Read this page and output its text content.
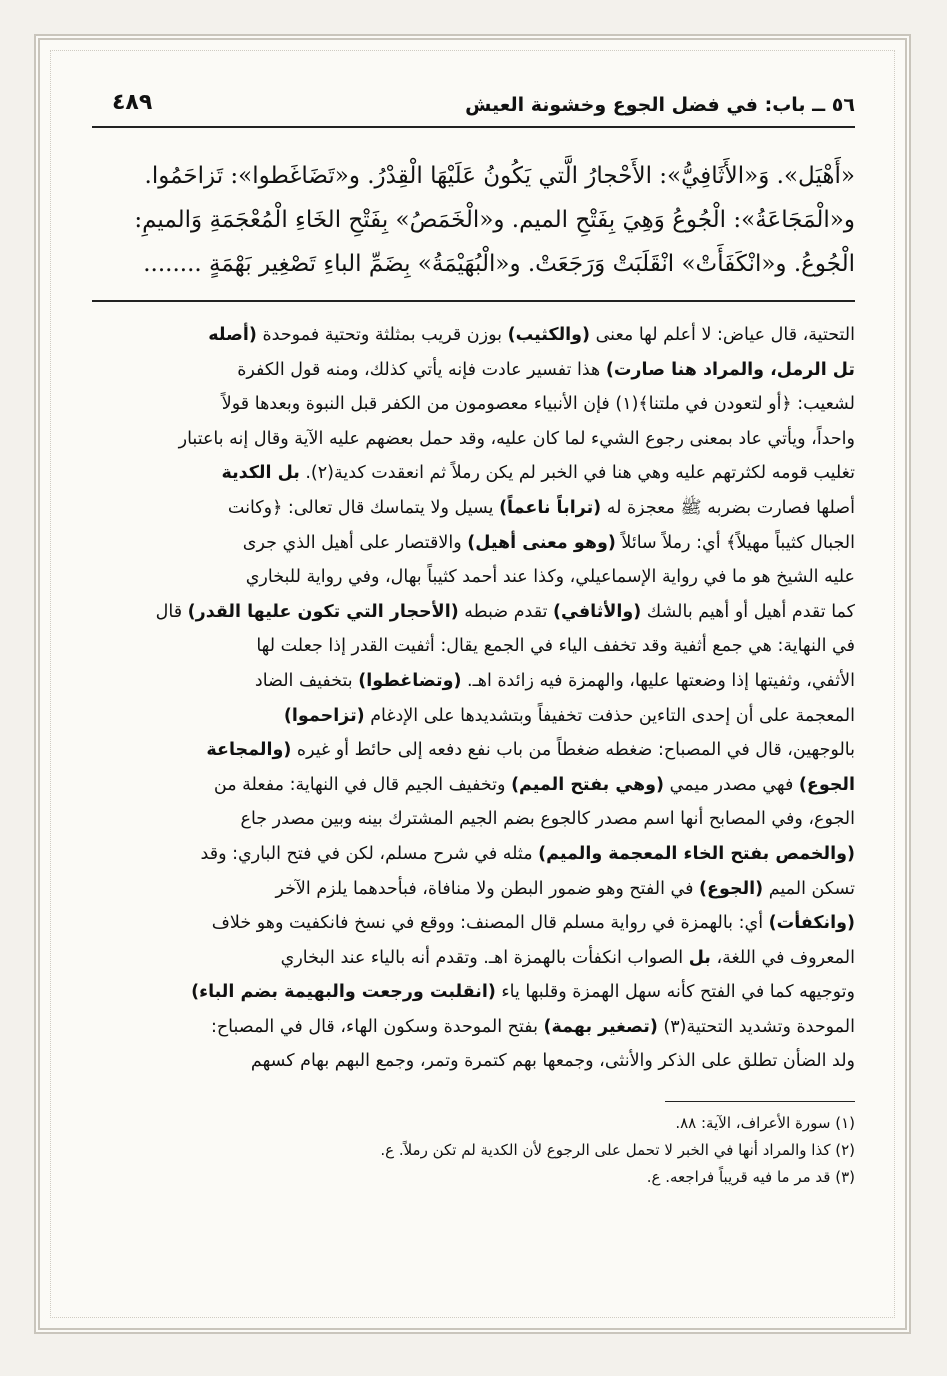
٥٦ ــ باب: في فضل الجوع وخشونة العيش
٤٨٩

«أَهْيَل». وَ«الأَثَافِيُّ»: الأَحْجارُ الَّتي يَكُونُ عَلَيْهَا الْقِدْرُ. و«تَضَاغَطوا»: تَزاحَمُوا.

و«الْمَجَاعَةُ»: الْجُوعُ وَهِيَ بِفَتْحِ الميم. و«الْخَمَصُ» بِفَتْحِ الخَاءِ الْمُعْجَمَةِ وَالميمِ:

الْجُوعُ. و«انْكَفَأَتْ» انْقَلَبَتْ وَرَجَعَتْ. و«الْبُهَيْمَةُ» بِضَمِّ الباءِ تَصْغِير بَهْمَةٍ ........

التحتية، قال عياض: لا أعلم لها معنى (والكثيب) بوزن قريب بمثلثة وتحتية فموحدة (أصله

تل الرمل، والمراد هنا صارت) هذا تفسير عادت فإنه يأتي كذلك، ومنه قول الكفرة

لشعيب: ﴿أو لتعودن في ملتنا﴾(١) فإن الأنبياء معصومون من الكفر قبل النبوة وبعدها قولاً

واحداً، ويأتي عاد بمعنى رجوع الشيء لما كان عليه، وقد حمل بعضهم عليه الآية وقال إنه باعتبار

تغليب قومه لكثرتهم عليه وهي هنا في الخبر لم يكن رملاً ثم انعقدت كدية(٢). بل الكدية

أصلها فصارت بضربه ﷺ معجزة له (تراباً ناعماً) يسيل ولا يتماسك قال تعالى: ﴿وكانت

الجبال كثيباً مهيلاً﴾ أي: رملاً سائلاً (وهو معنى أهيل) والاقتصار على أهيل الذي جرى

عليه الشيخ هو ما في رواية الإسماعيلي، وكذا عند أحمد كثيباً بهال، وفي رواية للبخاري

كما تقدم أهيل أو أهيم بالشك (والأثافي) تقدم ضبطه (الأحجار التي تكون عليها القدر) قال

في النهاية: هي جمع أثفية وقد تخفف الياء في الجمع يقال: أثفيت القدر إذا جعلت لها

الأثفي، وثفيتها إذا وضعتها عليها، والهمزة فيه زائدة اهـ. (وتضاغطوا) بتخفيف الضاد

المعجمة على أن إحدى التاءين حذفت تخفيفاً وبتشديدها على الإدغام (تزاحموا)

بالوجهين، قال في المصباح: ضغطه ضغطاً من باب نفع دفعه إلى حائط أو غيره (والمجاعة

الجوع) فهي مصدر ميمي (وهي بفتح الميم) وتخفيف الجيم قال في النهاية: مفعلة من

الجوع، وفي المصابح أنها اسم مصدر كالجوع بضم الجيم المشترك بينه وبين مصدر جاع

(والخمص بفتح الخاء المعجمة والميم) مثله في شرح مسلم، لكن في فتح الباري: وقد

تسكن الميم (الجوع) في الفتح وهو ضمور البطن ولا منافاة، فبأحدهما يلزم الآخر

(وانكفأت) أي: بالهمزة في رواية مسلم قال المصنف: ووقع في نسخ فانكفيت وهو خلاف

المعروف في اللغة، بل الصواب انكفأت بالهمزة اهـ. وتقدم أنه بالياء عند البخاري

وتوجيهه كما في الفتح كأنه سهل الهمزة وقلبها ياء (انقلبت ورجعت والبهيمة بضم الباء)

الموحدة وتشديد التحتية(٣) (تصغير بهمة) بفتح الموحدة وسكون الهاء، قال في المصباح:

ولد الضأن تطلق على الذكر والأنثى، وجمعها بهم كتمرة وتمر، وجمع البهم بهام كسهم

(١) سورة الأعراف، الآية: ٨٨.

(٢) كذا والمراد أنها في الخبر لا تحمل على الرجوع لأن الكدية لم تكن رملاً. ع.

(٣) قد مر ما فيه قريباً فراجعه. ع.
